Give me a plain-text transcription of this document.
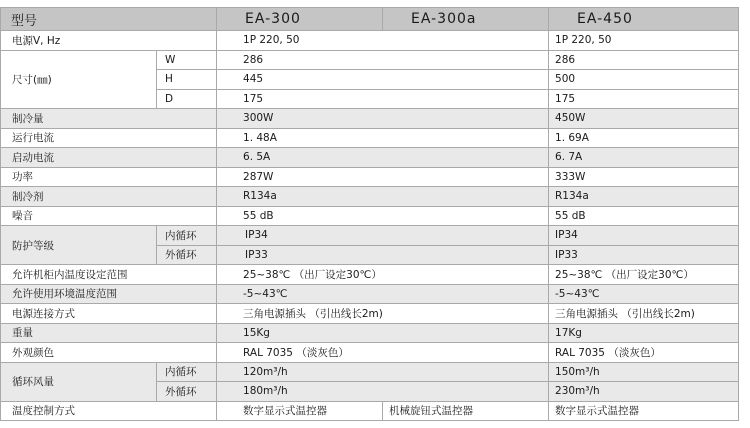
型号		EA-300	EA-300a	EA-450
电源V, Hz		1P 220, 50		1P 220, 50
尺寸(㎜)	W	286		286
	H	445		500
	D	175		175
制冷量		300W		450W
运行电流		1. 48A		1. 69A
启动电流		6. 5A		6. 7A
功率		287W		333W
制冷剂		R134a		R134a
噪音		55 dB		55 dB
防护等级	内循环	IP34		IP34
	外循环	IP33		IP33
允许机柜内温度设定范围		25~38℃ （出厂设定30℃）		25~38℃ （出厂设定30℃）
允许使用环境温度范围		-5~43℃		-5~43℃
电源连接方式		三角电源插头 （引出线长2m)		三角电源插头 （引出线长2m)
重量		15Kg		17Kg
外观颜色		RAL 7035 （淡灰色）		RAL 7035 （淡灰色）
循环风量	内循环	120m³/h		150m³/h
	外循环	180m³/h		230m³/h
温度控制方式		数字显示式温控器	机械旋钮式温控器	数字显示式温控器
